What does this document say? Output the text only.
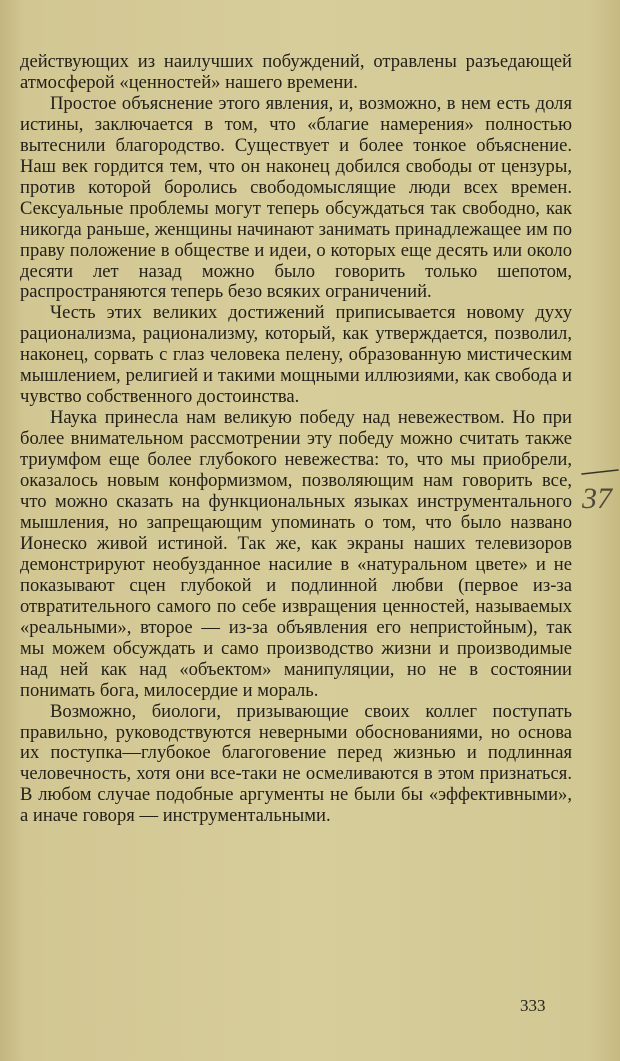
действующих из наилучших побуждений, отравлены разъедающей атмосферой «ценностей» нашего времени.

Простое объяснение этого явления, и, возможно, в нем есть доля истины, заключается в том, что «благие намерения» полностью вытеснили благородство. Существует и более тонкое объяснение. Наш век гордится тем, что он наконец добился свободы от цензуры, против которой боролись свободомыслящие люди всех времен. Сексуальные проблемы могут теперь обсуждаться так свободно, как никогда раньше, женщины начинают занимать принадлежащее им по праву положение в обществе и идеи, о которых еще десять или около десяти лет назад можно было говорить только шепотом, распространяются теперь безо всяких ограничений.

Честь этих великих достижений приписывается новому духу рационализма, рационализму, который, как утверждается, позволил, наконец, сорвать с глаз человека пелену, образованную мистическим мышлением, религией и такими мощными иллюзиями, как свобода и чувство собственного достоинства.

Наука принесла нам великую победу над невежеством. Но при более внимательном рассмотрении эту победу можно считать также триумфом еще более глубокого невежества: то, что мы приобрели, оказалось новым конформизмом, позволяющим нам говорить все, что можно сказать на функциональных языках инструментального мышления, но запрещающим упоминать о том, что было названо Ионеско живой истиной. Так же, как экраны наших телевизоров демонстрируют необузданное насилие в «натуральном цвете» и не показывают сцен глубокой и подлинной любви (первое из-за отвратительного самого по себе извращения ценностей, называемых «реальными», второе — из-за объявления его непристойным), так мы можем обсуждать и само производство жизни и производимые над ней как над «объектом» манипуляции, но не в состоянии понимать бога, милосердие и мораль.

Возможно, биологи, призывающие своих коллег поступать правильно, руководствуются неверными обоснованиями, но основа их поступка—глубокое благоговение перед жизнью и подлинная человечность, хотя они все-таки не осмеливаются в этом признаться. В любом случае подобные аргументы не были бы «эффективными», а иначе говоря — инструментальными.

37
333
